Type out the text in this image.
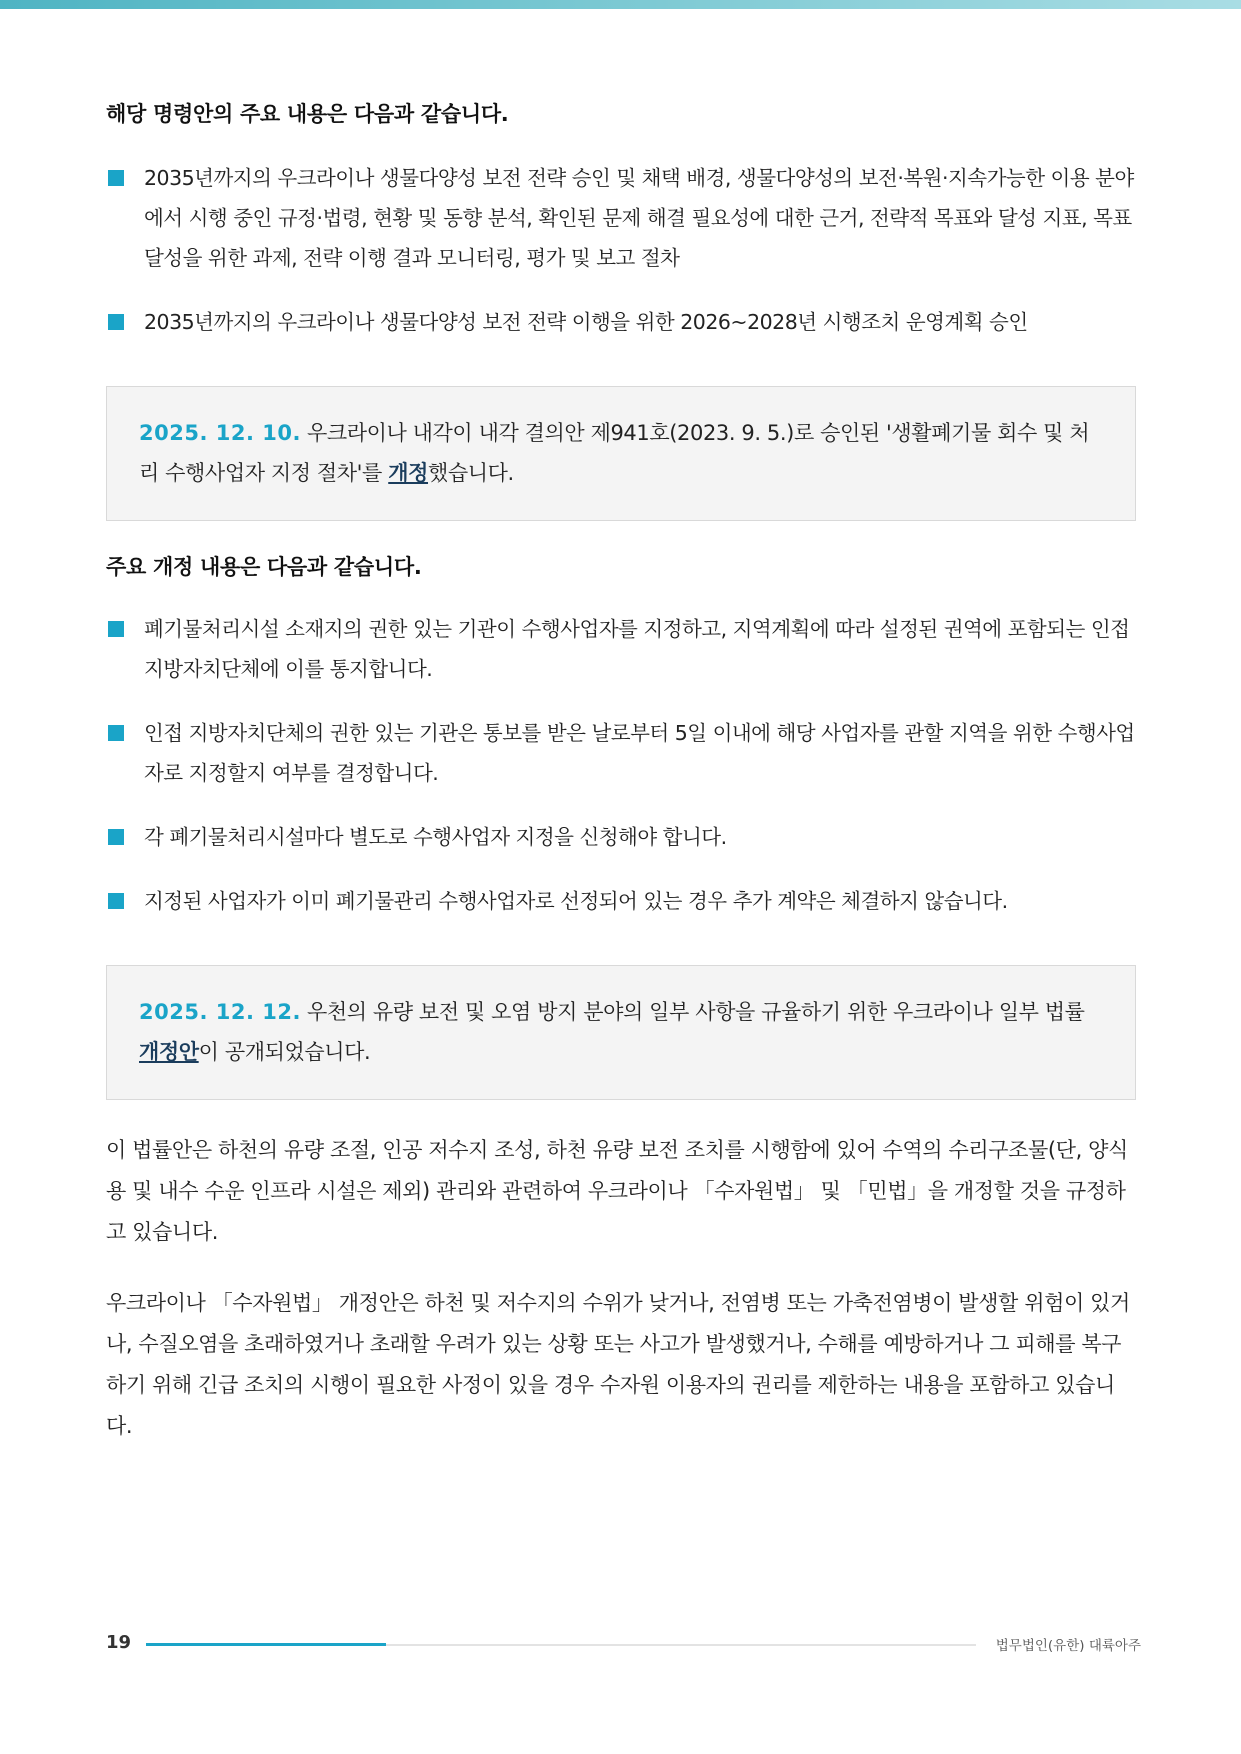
해당 명령안의 주요 내용은 다음과 같습니다.
2035년까지의 우크라이나 생물다양성 보전 전략 승인 및 채택 배경, 생물다양성의 보전·복원·지속가능한 이용 분야에서 시행 중인 규정·법령, 현황 및 동향 분석, 확인된 문제 해결 필요성에 대한 근거, 전략적 목표와 달성 지표, 목표 달성을 위한 과제, 전략 이행 결과 모니터링, 평가 및 보고 절차
2035년까지의 우크라이나 생물다양성 보전 전략 이행을 위한 2026~2028년 시행조치 운영계획 승인
2025. 12. 10. 우크라이나 내각이 내각 결의안 제941호(2023. 9. 5.)로 승인된 '생활폐기물 회수 및 처리 수행사업자 지정 절차'를 개정했습니다.
주요 개정 내용은 다음과 같습니다.
폐기물처리시설 소재지의 권한 있는 기관이 수행사업자를 지정하고, 지역계획에 따라 설정된 권역에 포함되는 인접 지방자치단체에 이를 통지합니다.
인접 지방자치단체의 권한 있는 기관은 통보를 받은 날로부터 5일 이내에 해당 사업자를 관할 지역을 위한 수행사업자로 지정할지 여부를 결정합니다.
각 폐기물처리시설마다 별도로 수행사업자 지정을 신청해야 합니다.
지정된 사업자가 이미 폐기물관리 수행사업자로 선정되어 있는 경우 추가 계약은 체결하지 않습니다.
2025. 12. 12. 우천의 유량 보전 및 오염 방지 분야의 일부 사항을 규율하기 위한 우크라이나 일부 법률 개정안이 공개되었습니다.

이 법률안은 하천의 유량 조절, 인공 저수지 조성, 하천 유량 보전 조치를 시행함에 있어 수역의 수리구조물(단, 양식용 및 내수 수운 인프라 시설은 제외) 관리와 관련하여 우크라이나 「수자원법」 및 「민법」을 개정할 것을 규정하고 있습니다.

우크라이나 「수자원법」 개정안은 하천 및 저수지의 수위가 낮거나, 전염병 또는 가축전염병이 발생할 위험이 있거나, 수질오염을 초래하였거나 초래할 우려가 있는 상황 또는 사고가 발생했거나, 수해를 예방하거나 그 피해를 복구하기 위해 긴급 조치의 시행이 필요한 사정이 있을 경우 수자원 이용자의 권리를 제한하는 내용을 포함하고 있습니다.

19	법무법인(유한) 대륙아주
